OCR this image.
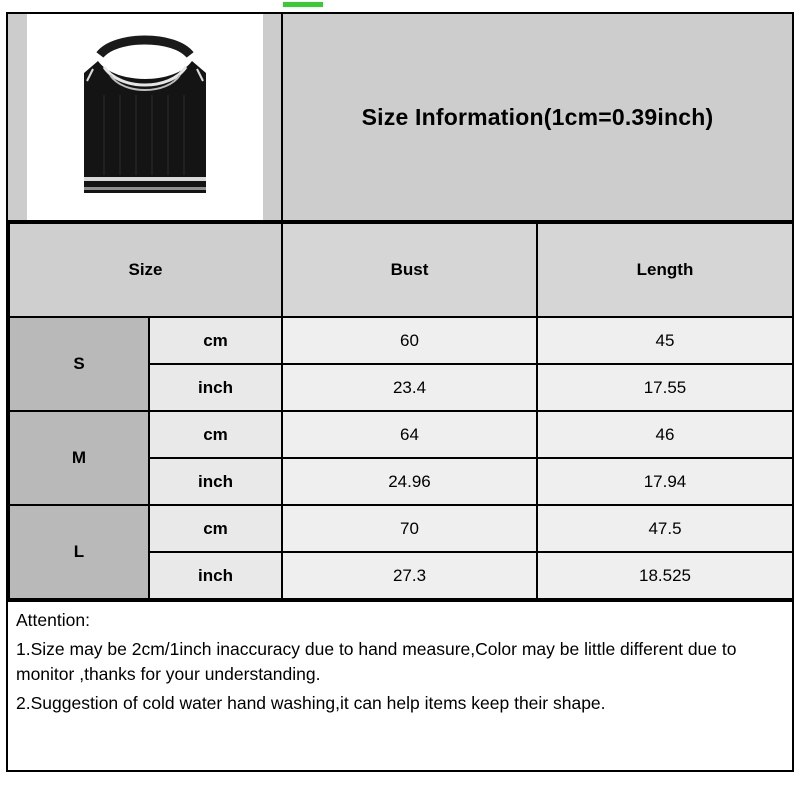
Size Information(1cm=0.39inch)
Size		Bust	Length
S	cm	60	45
	inch	23.4	17.55
M	cm	64	46
	inch	24.96	17.94
L	cm	70	47.5
	inch	27.3	18.525

Attention:

1.Size may be 2cm/1inch inaccuracy due to hand measure,Color may be little different due to monitor ,thanks for your understanding.

2.Suggestion of cold water hand washing,it can help items keep their shape.
